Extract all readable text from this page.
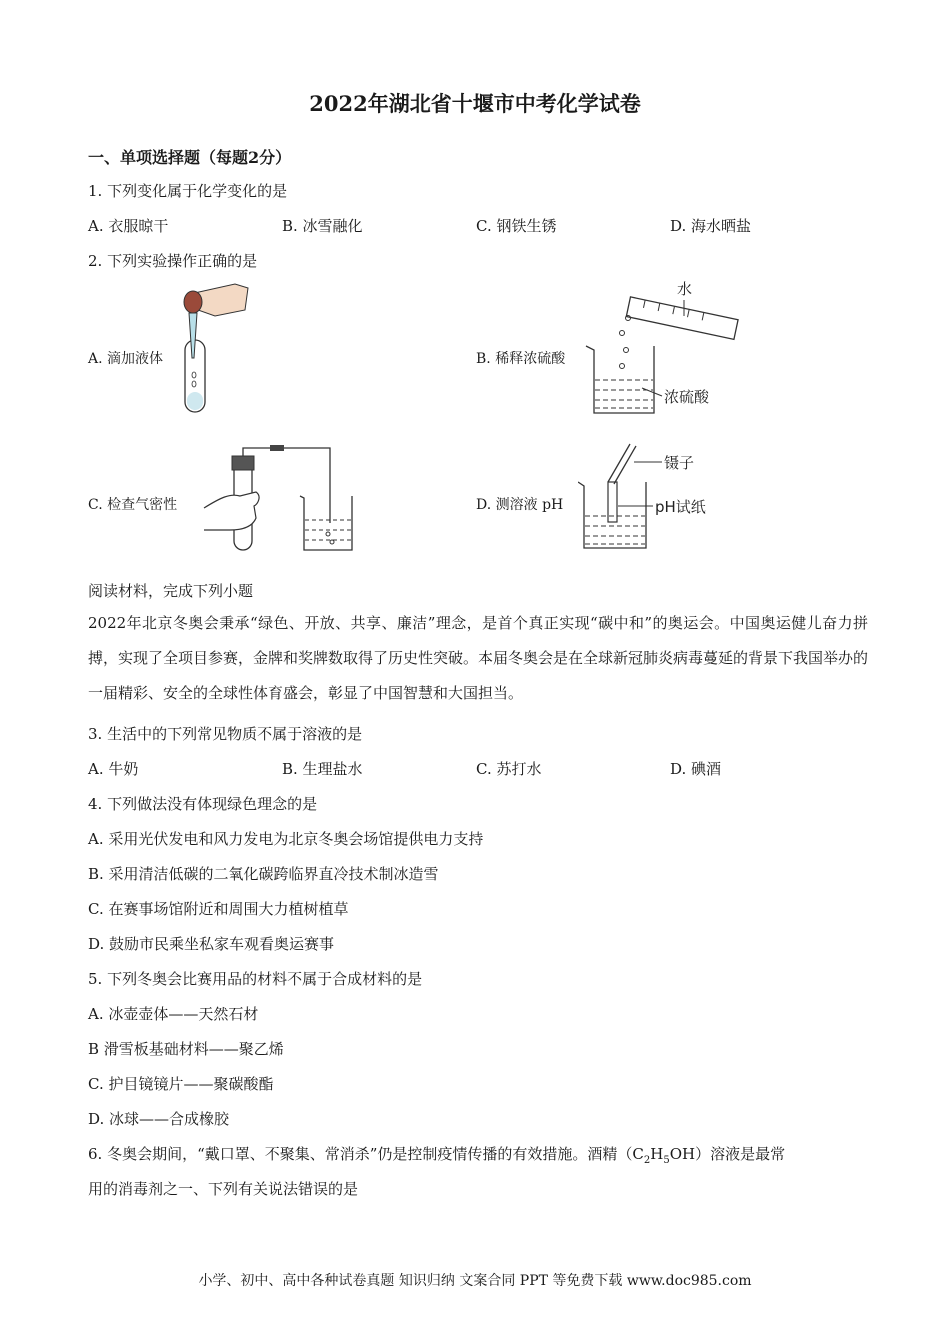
2022年湖北省十堰市中考化学试卷
一、单项选择题（每题2分）
1. 下列变化属于化学变化的是
A. 衣服晾干	B. 冰雪融化	C. 钢铁生锈	D. 海水晒盐
2. 下列实验操作正确的是
A. 滴加液体	B. 稀释浓硫酸
C. 检查气密性	D. 测溶液 pH
水
浓硫酸
镊子
pH试纸
阅读材料，完成下列小题
2022年北京冬奥会秉承“绿色、开放、共享、廉洁”理念，是首个真正实现“碳中和”的奥运会。中国奥运健儿奋力拼搏，实现了全项目参赛，金牌和奖牌数取得了历史性突破。本届冬奥会是在全球新冠肺炎病毒蔓延的背景下我国举办的一届精彩、安全的全球性体育盛会，彰显了中国智慧和大国担当。
3. 生活中的下列常见物质不属于溶液的是
A. 牛奶	B. 生理盐水	C. 苏打水	D. 碘酒
4. 下列做法没有体现绿色理念的是
A. 采用光伏发电和风力发电为北京冬奥会场馆提供电力支持
B. 采用清洁低碳的二氧化碳跨临界直冷技术制冰造雪
C. 在赛事场馆附近和周围大力植树植草
D. 鼓励市民乘坐私家车观看奥运赛事
5. 下列冬奥会比赛用品的材料不属于合成材料的是
A. 冰壶壶体——天然石材
B 滑雪板基础材料——聚乙烯
C. 护目镜镜片——聚碳酸酯
D. 冰球——合成橡胶
6. 冬奥会期间，“戴口罩、不聚集、常消杀”仍是控制疫情传播的有效措施。酒精$(C_2H_5OH)$溶液是最常
用的消毒剂之一、下列有关说法错误的是
小学、初中、高中各种试卷真题 知识归纳 文案合同 PPT 等免费下载 www.doc985.com
